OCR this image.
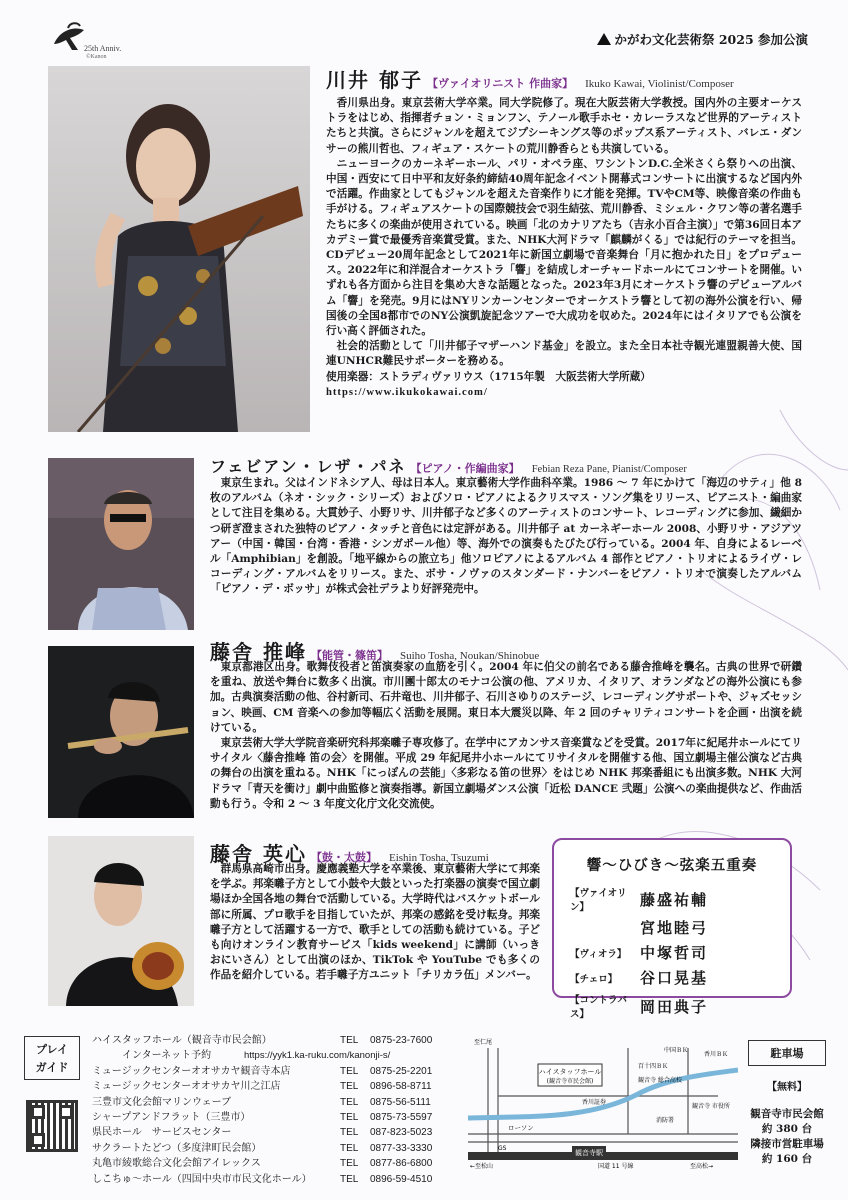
25th Anniv.
©Kanon
かがわ文化芸術祭 2025 参加公演
川井 郁子 【ヴァイオリニスト 作曲家】 Ikuko Kawai, Violinist/Composer

香川県出身。東京芸術大学卒業。同大学院修了。現在大阪芸術大学教授。国内外の主要オーケストラをはじめ、指揮者チョン・ミョンフン、テノール歌手ホセ・カレーラスなど世界的アーティストたちと共演。さらにジャンルを超えてジプシーキングス等のポップス系アーティスト、バレエ・ダンサーの熊川哲也、フィギュア・スケートの荒川静香らとも共演している。

ニューヨークのカーネギーホール、パリ・オペラ座、ワシントンD.C.全米さくら祭りへの出演、中国・西安にて日中平和友好条約締結40周年記念イベント開幕式コンサートに出演するなど国内外で活躍。作曲家としてもジャンルを超えた音楽作りに才能を発揮。TVやCM等、映像音楽の作曲も手がける。フィギュアスケートの国際競技会で羽生結弦、荒川静香、ミシェル・クワン等の著名選手たちに多くの楽曲が使用されている。映画「北のカナリアたち（吉永小百合主演）」で第36回日本アカデミー賞で最優秀音楽賞受賞。また、NHK大河ドラマ「麒麟がくる」では紀行のテーマを担当。CDデビュー20周年記念として2021年に新国立劇場で音楽舞台「月に抱かれた日」をプロデュース。2022年に和洋混合オーケストラ「響」を結成しオーチャードホールにてコンサートを開催。いずれも各方面から注目を集め大きな話題となった。2023年3月にオーケストラ響のデビューアルバム「響」を発売。9月にはNYリンカーンセンターでオーケストラ響として初の海外公演を行い、帰国後の全国8都市でのNY公演凱旋記念ツアーで大成功を収めた。2024年にはイタリアでも公演を行い高く評価された。

社会的活動として「川井郁子マザーハンド基金」を設立。また全日本社寺観光連盟親善大使、国連UNHCR難民サポーターを務める。

使用楽器：ストラディヴァリウス（1715年製　大阪芸術大学所蔵）
https://www.ikukokawai.com/
フェビアン・レザ・パネ 【ピアノ・作編曲家】 Febian Reza Pane, Pianist/Composer

東京生まれ。父はインドネシア人、母は日本人。東京藝術大学作曲科卒業。1986 ～ 7 年にかけて「海辺のサティ」他 8 枚のアルバム（ネオ・シック・シリーズ）およびソロ・ピアノによるクリスマス・ソング集をリリース、ピアニスト・編曲家として注目を集める。大貫妙子、小野リサ、川井郁子など多くのアーティストのコンサート、レコーディングに参加、繊細かつ研ぎ澄まされた独特のピアノ・タッチと音色には定評がある。川井郁子 at カーネギーホール 2008、小野リサ・アジアツアー（中国・韓国・台湾・香港・シンガポール他）等、海外での演奏もたびたび行っている。2004 年、自身によるレーベル「Amphibian」を創設。「地平線からの旅立ち」他ソロピアノによるアルバム 4 部作とピアノ・トリオによるライヴ・レコーディング・アルバムをリリース。また、ボサ・ノヴァのスタンダード・ナンバーをピアノ・トリオで演奏したアルバム「ピアノ・デ・ボッサ」が株式会社デラより好評発売中。

藤舎 推峰 【能管・篠笛】 Suiho Tosha, Noukan/Shinobue

東京都港区出身。歌舞伎役者と笛演奏家の血筋を引く。2004 年に伯父の前名である藤舎推峰を襲名。古典の世界で研鑽を重ね、放送や舞台に数多く出演。市川團十郎太のモナコ公演の他、アメリカ、イタリア、オランダなどの海外公演にも参加。古典演奏活動の他、谷村新司、石井竜也、川井郁子、石川さゆりのステージ、レコーディングサポートや、ジャズセッション、映画、CM 音楽への参加等幅広く活動を展開。東日本大震災以降、年 2 回のチャリティコンサートを企画・出演を続けている。

東京芸術大学大学院音楽研究科邦楽囃子専攻修了。在学中にアカンサス音楽賞などを受賞。2017年に紀尾井ホールにてリサイタル〈藤舎推峰 笛の会〉を開催。平成 29 年紀尾井小ホールにてリサイタルを開催する他、国立劇場主催公演など古典の舞台の出演を重ねる。NHK「にっぽんの芸能」〈多彩なる笛の世界〉をはじめ NHK 邦楽番組にも出演多数。NHK 大河ドラマ「青天を衝け」劇中曲監修と演奏指導。新国立劇場ダンス公演「近松 DANCE 弐題」公演への楽曲提供など、作曲活動も行う。令和 2 ～ 3 年度文化庁文化交流使。

藤舎 英心 【鼓・太鼓】 Eishin Tosha, Tsuzumi

群馬県高崎市出身。慶應義塾大学を卒業後、東京藝術大学にて邦楽を学ぶ。邦楽囃子方として小鼓や大鼓といった打楽器の演奏で国立劇場ほか全国各地の舞台で活動している。大学時代はバスケットボール部に所属、プロ歌手を目指していたが、邦楽の感銘を受け転身。邦楽囃子方として活躍する一方で、歌手としての活動も続けている。子ども向けオンライン教育サービス「kids weekend」に講師（いっきおにいさん）として出演のほか、TikTok や YouTube でも多くの作品を紹介している。若手囃子方ユニット「チリカラ伍」メンバー。

響～ひびき～弦楽五重奏
【ヴァイオリン】	藤盛祐輔
宮地睦弓
【ヴィオラ】 中塚哲司
【チェロ】	谷口晃基
【コントラバス】	岡田典子
プレイ
ガイド
ハイスタッフホール（観音寺市民会館）	TEL	0875-23-7600
インターネット予約	https://yyk1.ka-ruku.com/kanonji-s/
ミュージックセンターオオサカヤ観音寺本店	TEL	0875-25-2201
ミュージックセンターオオサカヤ川之江店	TEL	0896-58-8711
三豊市文化会館マリンウェーブ	TEL	0875-56-5111
シャープアンドフラット（三豊市）	TEL	0875-73-5597
県民ホール　サービスセンター	TEL	087-823-5023
サクラートたどつ（多度津町民会館）	TEL	0877-33-3330
丸亀市綾歌総合文化会館アイレックス	TEL	0877-86-6800
しこちゅ～ホール（四国中央市市民文化ホール）	TEL	0896-59-4510
ハイスタッフホール
(観音寺市民会館)
至仁尾
中国ＢＫ
香川ＢＫ
百十四ＢＫ
観音寺 総合高校
観音寺 市役所
消防署
香川証券
ローソン
GS
観音寺駅
←至松山	国道 11 号線	至高松→
駐車場
【無料】
観音寺市民会館
約 380 台
隣接市営駐車場
約 160 台
